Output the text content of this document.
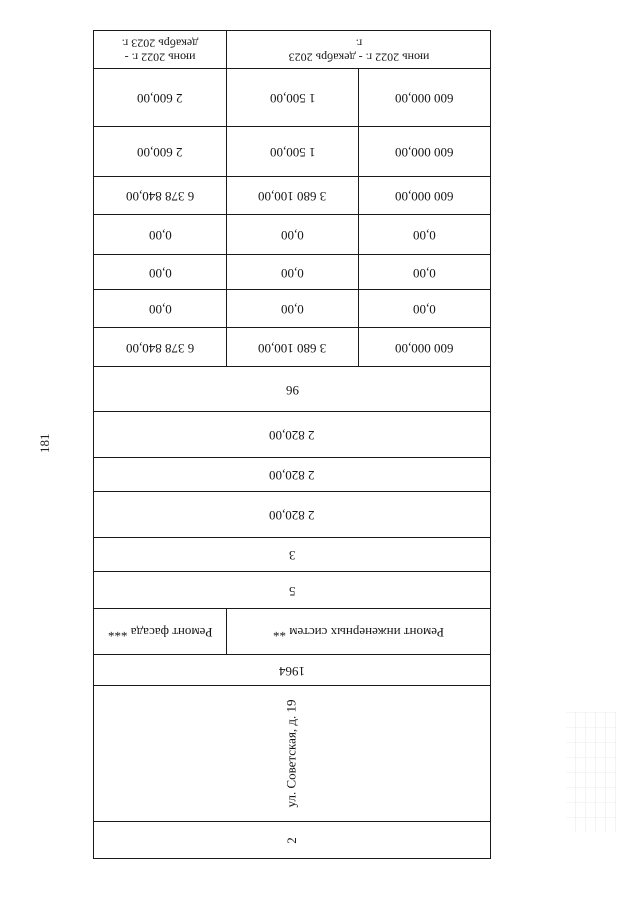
181
июнь 2022 г. - декабрь 2023 г.
июнь 2022 г. - декабрь 2023 г.
600 000,00
1 500,00
2 600,00
600 000,00
1 500,00
2 600,00
600 000,00
3 680 100,00
6 378 840,00
0,00
0,00
0,00
0,00
0,00
0,00
0,00
0,00
0,00
600 000,00
3 680 100,00
6 378 840,00
96
2 820,00
2 820,00
2 820,00
3
5
Ремонт инженерных систем **
Ремонт фасада ***
1964
ул. Советская, д. 19
2
